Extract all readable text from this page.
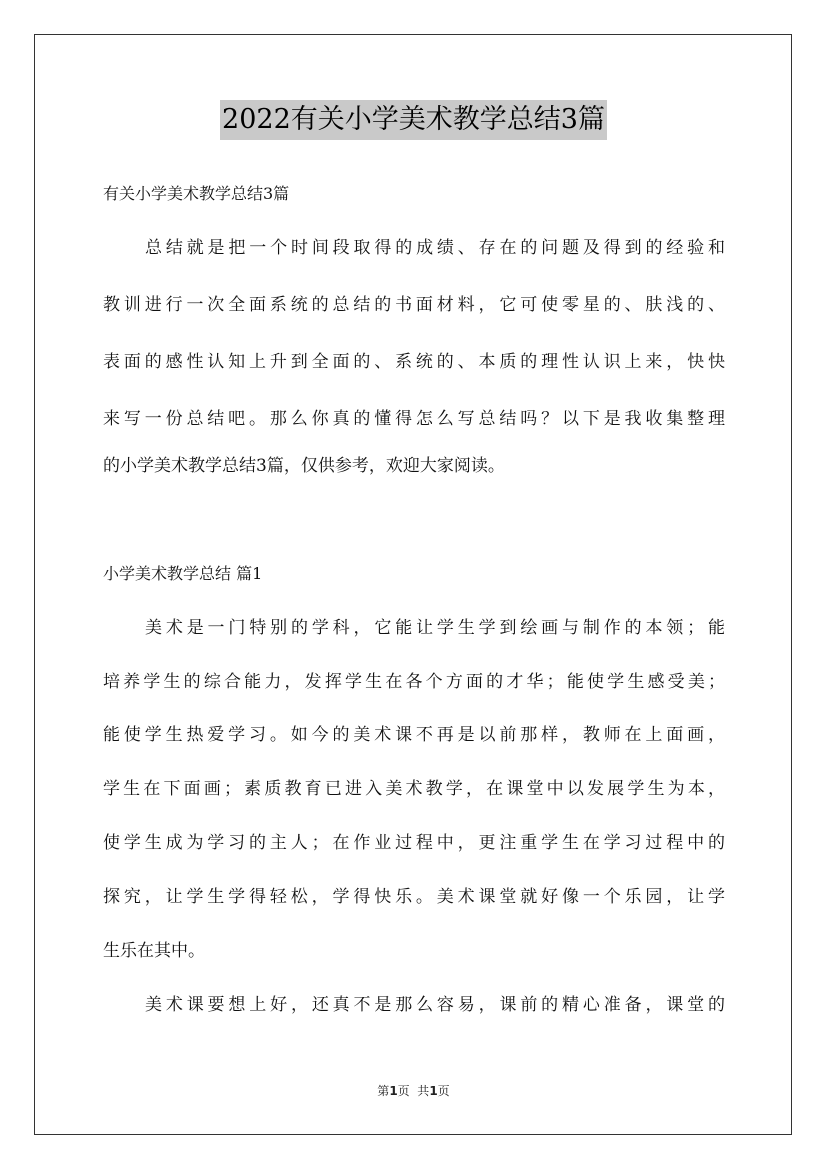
2022有关小学美术教学总结3篇
有关小学美术教学总结3篇
总结就是把一个时间段取得的成绩、存在的问题及得到的经验和
教训进行一次全面系统的总结的书面材料，它可使零星的、肤浅的、
表面的感性认知上升到全面的、系统的、本质的理性认识上来，快快
来写一份总结吧。那么你真的懂得怎么写总结吗？以下是我收集整理
的小学美术教学总结3篇，仅供参考，欢迎大家阅读。
小学美术教学总结 篇1
美术是一门特别的学科，它能让学生学到绘画与制作的本领；能
培养学生的综合能力，发挥学生在各个方面的才华；能使学生感受美；
能使学生热爱学习。如今的美术课不再是以前那样，教师在上面画，
学生在下面画；素质教育已进入美术教学，在课堂中以发展学生为本，
使学生成为学习的主人；在作业过程中，更注重学生在学习过程中的
探究，让学生学得轻松，学得快乐。美术课堂就好像一个乐园，让学
生乐在其中。
美术课要想上好，还真不是那么容易，课前的精心准备，课堂的
第1页  共1页
